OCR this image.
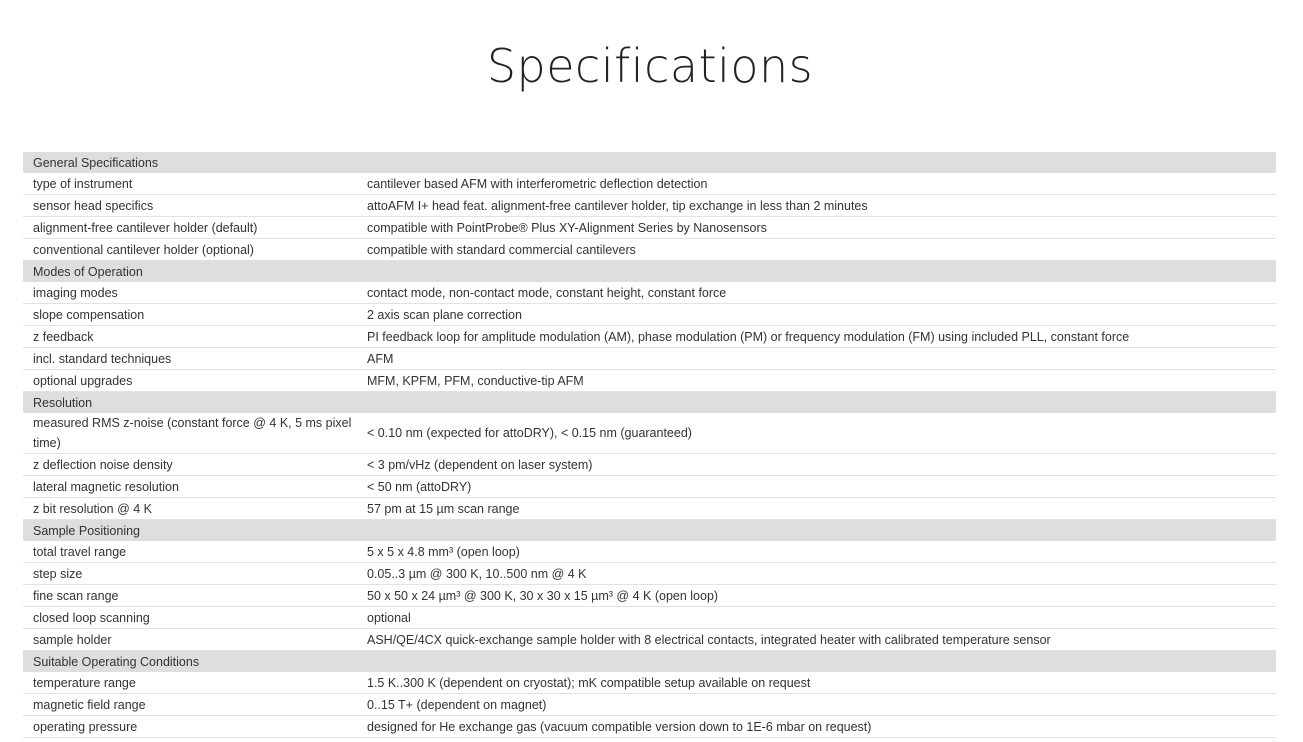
Specifications
General Specifications	
type of instrument	cantilever based AFM with interferometric deflection detection
sensor head specifics	attoAFM I+ head feat. alignment-free cantilever holder, tip exchange in less than 2 minutes
alignment-free cantilever holder (default)	compatible with PointProbe® Plus XY-Alignment Series by Nanosensors
conventional cantilever holder (optional)	compatible with standard commercial cantilevers
Modes of Operation	
imaging modes	contact mode, non-contact mode, constant height, constant force
slope compensation	2 axis scan plane correction
z feedback	PI feedback loop for amplitude modulation (AM), phase modulation (PM) or frequency modulation (FM) using included PLL, constant force
incl. standard techniques	AFM
optional upgrades	MFM, KPFM, PFM, conductive-tip AFM
Resolution	
measured RMS z-noise (constant force @ 4 K, 5 ms pixel time)	< 0.10 nm (expected for attoDRY), < 0.15 nm (guaranteed)
z deflection noise density	< 3 pm/vHz (dependent on laser system)
lateral magnetic resolution	< 50 nm (attoDRY)
z bit resolution @ 4 K	57 pm at 15 µm scan range
Sample Positioning	
total travel range	5 x 5 x 4.8 mm³ (open loop)
step size	0.05..3 µm @ 300 K, 10..500 nm @ 4 K
fine scan range	50 x 50 x 24 µm³ @ 300 K, 30 x 30 x 15 µm³ @ 4 K (open loop)
closed loop scanning	optional
sample holder	ASH/QE/4CX quick-exchange sample holder with 8 electrical contacts, integrated heater with calibrated temperature sensor
Suitable Operating Conditions	
temperature range	1.5 K..300 K (dependent on cryostat); mK compatible setup available on request
magnetic field range	0..15 T+ (dependent on magnet)
operating pressure	designed for He exchange gas (vacuum compatible version down to 1E-6 mbar on request)
